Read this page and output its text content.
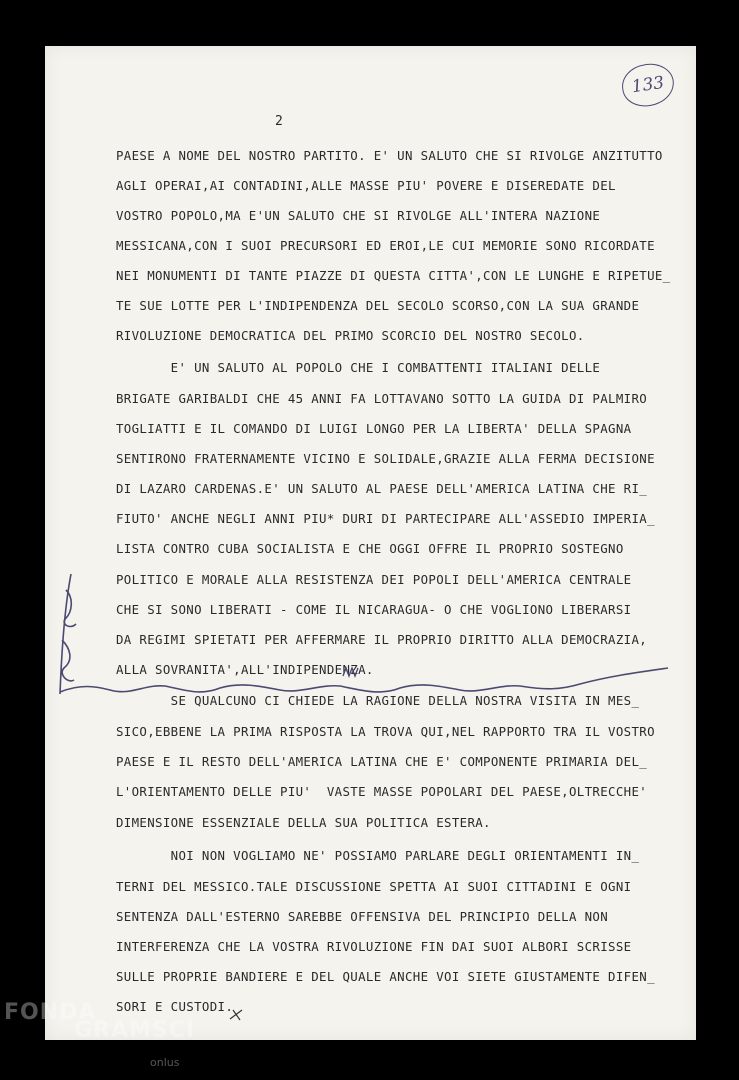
133
2
PAESE A NOME DEL NOSTRO PARTITO. E' UN SALUTO CHE SI RIVOLGE ANZITUTTO
AGLI OPERAI,AI CONTADINI,ALLE MASSE PIU' POVERE E DISEREDATE DEL
VOSTRO POPOLO,MA E'UN SALUTO CHE SI RIVOLGE ALL'INTERA NAZIONE
MESSICANA,CON I SUOI PRECURSORI ED EROI,LE CUI MEMORIE SONO RICORDATE
NEI MONUMENTI DI TANTE PIAZZE DI QUESTA CITTA',CON LE LUNGHE E RIPETUE_
TE SUE LOTTE PER L'INDIPENDENZA DEL SECOLO SCORSO,CON LA SUA GRANDE
RIVOLUZIONE DEMOCRATICA DEL PRIMO SCORCIO DEL NOSTRO SECOLO.
E' UN SALUTO AL POPOLO CHE I COMBATTENTI ITALIANI DELLE
BRIGATE GARIBALDI CHE 45 ANNI FA LOTTAVANO SOTTO LA GUIDA DI PALMIRO
TOGLIATTI E IL COMANDO DI LUIGI LONGO PER LA LIBERTA' DELLA SPAGNA
SENTIRONO FRATERNAMENTE VICINO E SOLIDALE,GRAZIE ALLA FERMA DECISIONE
DI LAZARO CARDENAS.E' UN SALUTO AL PAESE DELL'AMERICA LATINA CHE RI_
FIUTO' ANCHE NEGLI ANNI PIU* DURI DI PARTECIPARE ALL'ASSEDIO IMPERIA_
LISTA CONTRO CUBA SOCIALISTA E CHE OGGI OFFRE IL PROPRIO SOSTEGNO
POLITICO E MORALE ALLA RESISTENZA DEI POPOLI DELL'AMERICA CENTRALE
CHE SI SONO LIBERATI - COME IL NICARAGUA- O CHE VOGLIONO LIBERARSI
DA REGIMI SPIETATI PER AFFERMARE IL PROPRIO DIRITTO ALLA DEMOCRAZIA,
ALLA SOVRANITA',ALL'INDIPENDENZA.
SE QUALCUNO CI CHIEDE LA RAGIONE DELLA NOSTRA VISITA IN MES_
SICO,EBBENE LA PRIMA RISPOSTA LA TROVA QUI,NEL RAPPORTO TRA IL VOSTRO
PAESE E IL RESTO DELL'AMERICA LATINA CHE E' COMPONENTE PRIMARIA DEL_
L'ORIENTAMENTO DELLE PIU'  VASTE MASSE POPOLARI DEL PAESE,OLTRECCHE'
DIMENSIONE ESSENZIALE DELLA SUA POLITICA ESTERA.
NOI NON VOGLIAMO NE' POSSIAMO PARLARE DEGLI ORIENTAMENTI IN_
TERNI DEL MESSICO.TALE DISCUSSIONE SPETTA AI SUOI CITTADINI E OGNI
SENTENZA DALL'ESTERNO SAREBBE OFFENSIVA DEL PRINCIPIO DELLA NON
INTERFERENZA CHE LA VOSTRA RIVOLUZIONE FIN DAI SUOI ALBORI SCRISSE
SULLE PROPRIE BANDIERE E DEL QUALE ANCHE VOI SIETE GIUSTAMENTE DIFEN_
SORI E CUSTODI.
FONDA
GRAMSCI
onlus
